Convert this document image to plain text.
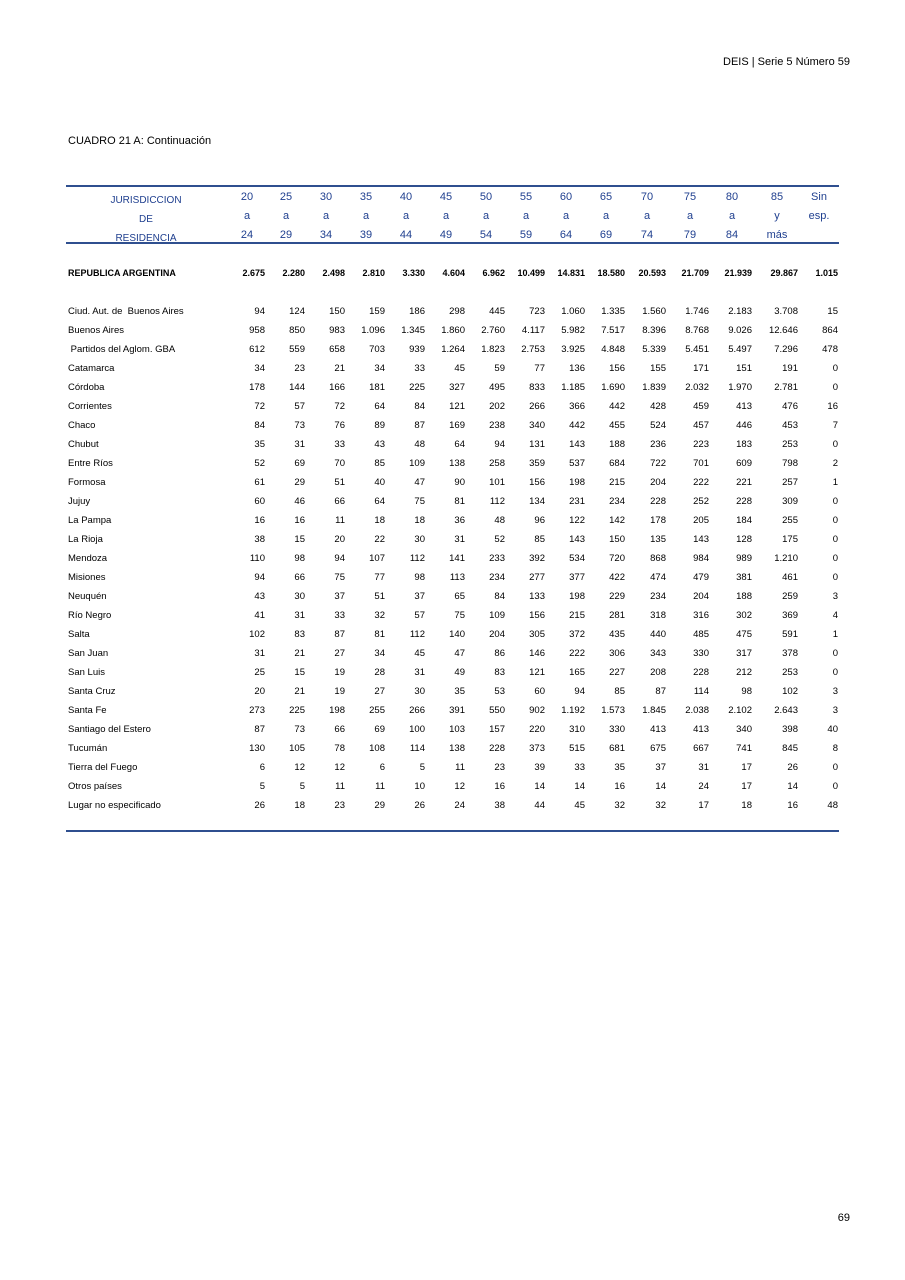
DEIS | Serie 5 Número 59
CUADRO 21 A: Continuación
JURISDICCION	20	25	30	35	40	45	50	55	60	65	70	75	80	85	Sin
DE	a	a	a	a	a	a	a	a	a	a	a	a	a	y	esp.
RESIDENCIA	24	29	34	39	44	49	54	59	64	69	74	79	84	más
REPUBLICA ARGENTINA	2.675	2.280	2.498	2.810	3.330	4.604	6.962	10.499	14.831	18.580	20.593	21.709	21.939	29.867	1.015
Ciud. Aut. de  Buenos Aires	94	124	150	159	186	298	445	723	1.060	1.335	1.560	1.746	2.183	3.708	15
Buenos Aires	958	850	983	1.096	1.345	1.860	2.760	4.117	5.982	7.517	8.396	8.768	9.026	12.646	864
Partidos del Aglom. GBA	612	559	658	703	939	1.264	1.823	2.753	3.925	4.848	5.339	5.451	5.497	7.296	478
Catamarca	34	23	21	34	33	45	59	77	136	156	155	171	151	191	0
Córdoba	178	144	166	181	225	327	495	833	1.185	1.690	1.839	2.032	1.970	2.781	0
Corrientes	72	57	72	64	84	121	202	266	366	442	428	459	413	476	16
Chaco	84	73	76	89	87	169	238	340	442	455	524	457	446	453	7
Chubut	35	31	33	43	48	64	94	131	143	188	236	223	183	253	0
Entre Ríos	52	69	70	85	109	138	258	359	537	684	722	701	609	798	2
Formosa	61	29	51	40	47	90	101	156	198	215	204	222	221	257	1
Jujuy	60	46	66	64	75	81	112	134	231	234	228	252	228	309	0
La Pampa	16	16	11	18	18	36	48	96	122	142	178	205	184	255	0
La Rioja	38	15	20	22	30	31	52	85	143	150	135	143	128	175	0
Mendoza	110	98	94	107	112	141	233	392	534	720	868	984	989	1.210	0
Misiones	94	66	75	77	98	113	234	277	377	422	474	479	381	461	0
Neuquén	43	30	37	51	37	65	84	133	198	229	234	204	188	259	3
Río Negro	41	31	33	32	57	75	109	156	215	281	318	316	302	369	4
Salta	102	83	87	81	112	140	204	305	372	435	440	485	475	591	1
San Juan	31	21	27	34	45	47	86	146	222	306	343	330	317	378	0
San Luis	25	15	19	28	31	49	83	121	165	227	208	228	212	253	0
Santa Cruz	20	21	19	27	30	35	53	60	94	85	87	114	98	102	3
Santa Fe	273	225	198	255	266	391	550	902	1.192	1.573	1.845	2.038	2.102	2.643	3
Santiago del Estero	87	73	66	69	100	103	157	220	310	330	413	413	340	398	40
Tucumán	130	105	78	108	114	138	228	373	515	681	675	667	741	845	8
Tierra del Fuego	6	12	12	6	5	11	23	39	33	35	37	31	17	26	0
Otros países	5	5	11	11	10	12	16	14	14	16	14	24	17	14	0
Lugar no especificado	26	18	23	29	26	24	38	44	45	32	32	17	18	16	48
69
